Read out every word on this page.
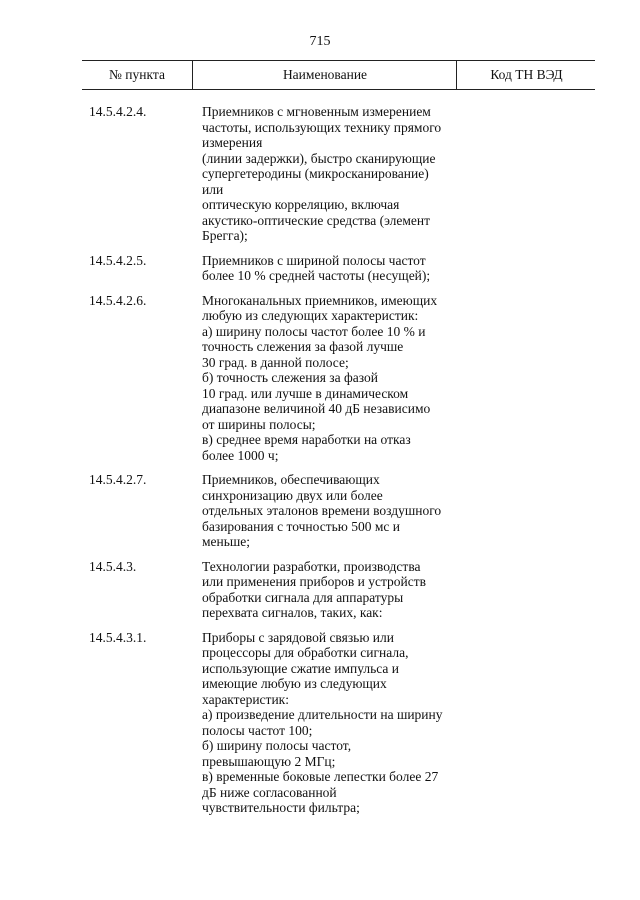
715
№ пункта	Наименование	Код ТН ВЭД
14.5.4.2.4.	Приемников с мгновенным измерением
частоты, использующих технику прямого
измерения
(линии задержки), быстро сканирующие
супергетеродины (микросканирование)
или
оптическую корреляцию, включая
акустико-оптические средства (элемент
Брегга);
14.5.4.2.5.	Приемников с шириной полосы частот
более 10 % средней частоты (несущей);
14.5.4.2.6.	Многоканальных приемников, имеющих
любую из следующих характеристик:
а) ширину полосы частот более 10 % и
точность слежения за фазой лучше
30 град. в данной полосе;
б) точность слежения за фазой
10 град. или лучше в динамическом
диапазоне величиной 40 дБ независимо
от ширины полосы;
в) среднее время наработки на отказ
более 1000 ч;
14.5.4.2.7.	Приемников, обеспечивающих
синхронизацию двух или более
отдельных эталонов времени воздушного
базирования с точностью 500 мс и
меньше;
14.5.4.3.	Технологии разработки, производства
или применения приборов и устройств
обработки сигнала для аппаратуры
перехвата сигналов, таких, как:
14.5.4.3.1.	Приборы с зарядовой связью или
процессоры для обработки сигнала,
использующие сжатие импульса и
имеющие любую из следующих
характеристик:
а) произведение длительности на ширину
полосы частот 100;
б) ширину полосы частот,
превышающую 2 МГц;
в) временные боковые лепестки более 27
дБ ниже согласованной
чувствительности фильтра;
